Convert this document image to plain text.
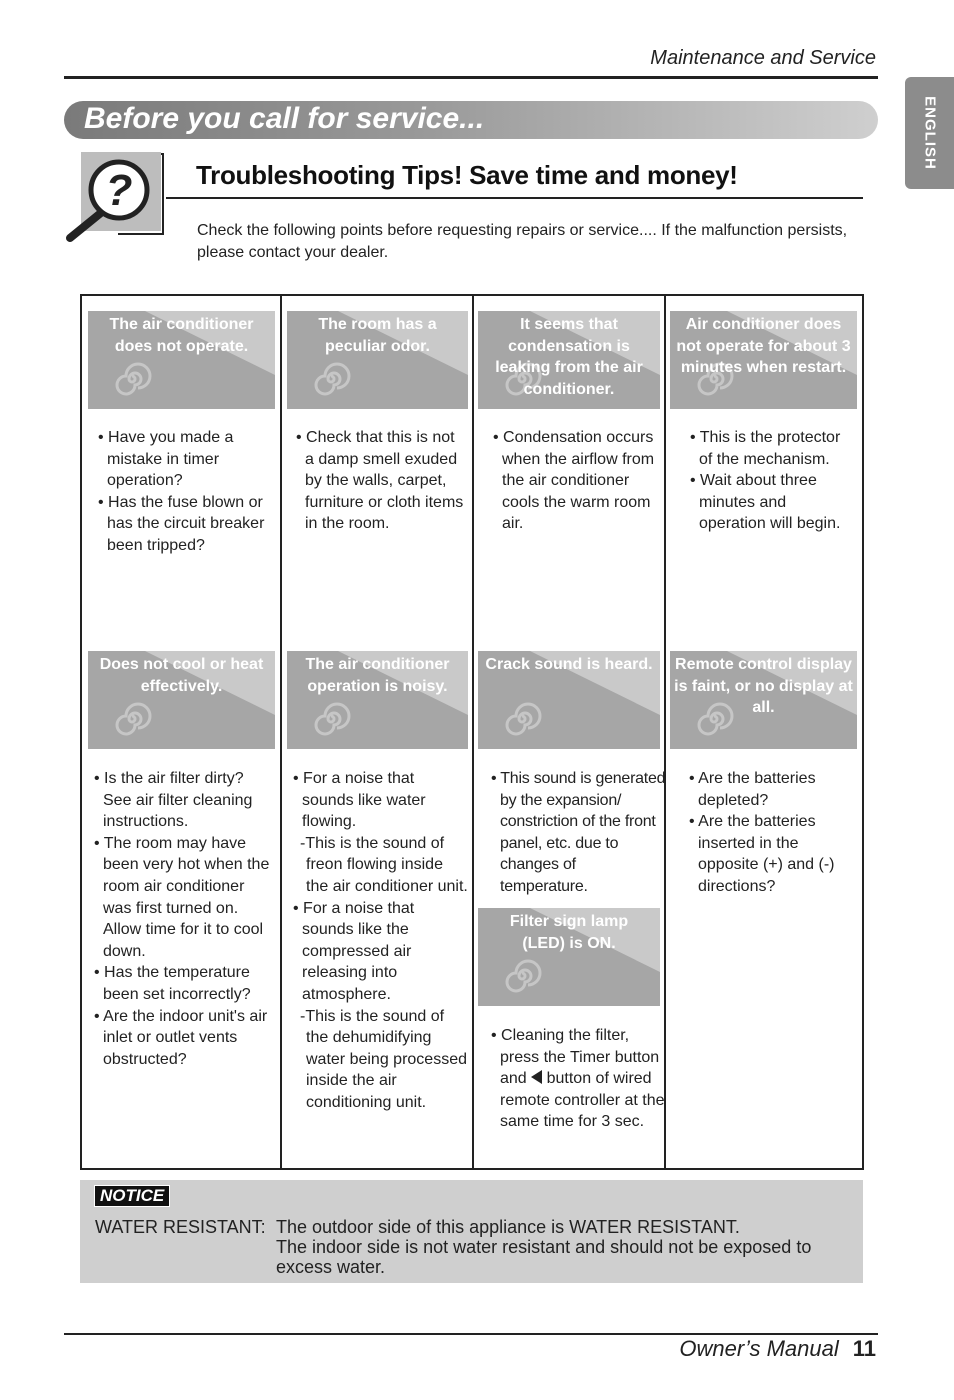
Maintenance and Service
ENGLISH
Before you call for service...
? Troubleshooting Tips! Save time and money!
Check the following points before requesting repairs or service.... If the malfunction persists, please contact your dealer.
The air conditioner does not operate.
The room has a peculiar odor.
It seems that condensation is leaking from the air conditioner.
Air conditioner does not operate for about 3 minutes when restart.
• Have you made a mistake in timer operation?
• Has the fuse blown or has the circuit breaker been tripped?
• Check that this is not a damp smell exuded by the walls, carpet, furniture or cloth items in the room.
• Condensation occurs when the airflow from the air conditioner cools the warm room air.
• This is the protector of the mechanism.
• Wait about three minutes and operation will begin.
Does not cool or heat effectively.
The air conditioner operation is noisy.
Crack sound is heard. Remote control display is faint, or no display at all.
• Is the air filter dirty? See air filter cleaning instructions.
• The room may have been very hot when the room air conditioner was first turned on. Allow time for it to cool down.
• Has the temperature been set incorrectly?
• Are the indoor unit's air inlet or outlet vents obstructed?
• For a noise that sounds like water flowing.
-This is the sound of freon flowing inside the air conditioner unit.
• For a noise that sounds like the compressed air releasing into atmosphere.
-This is the sound of the dehumidifying water being processed inside the air conditioning unit.
• This sound is generated by the expansion/ constriction of the front panel, etc. due to changes of temperature.
• Are the batteries depleted?
• Are the batteries inserted in the opposite (+) and (-) directions?
Filter sign lamp (LED) is ON.
• Cleaning the filter, press the Timer button and button of wired remote controller at the same time for 3 sec.
NOTICE
WATER RESISTANT: The outdoor side of this appliance is WATER RESISTANT.
The indoor side is not water resistant and should not be exposed to excess water.
Owner’s Manual 11
